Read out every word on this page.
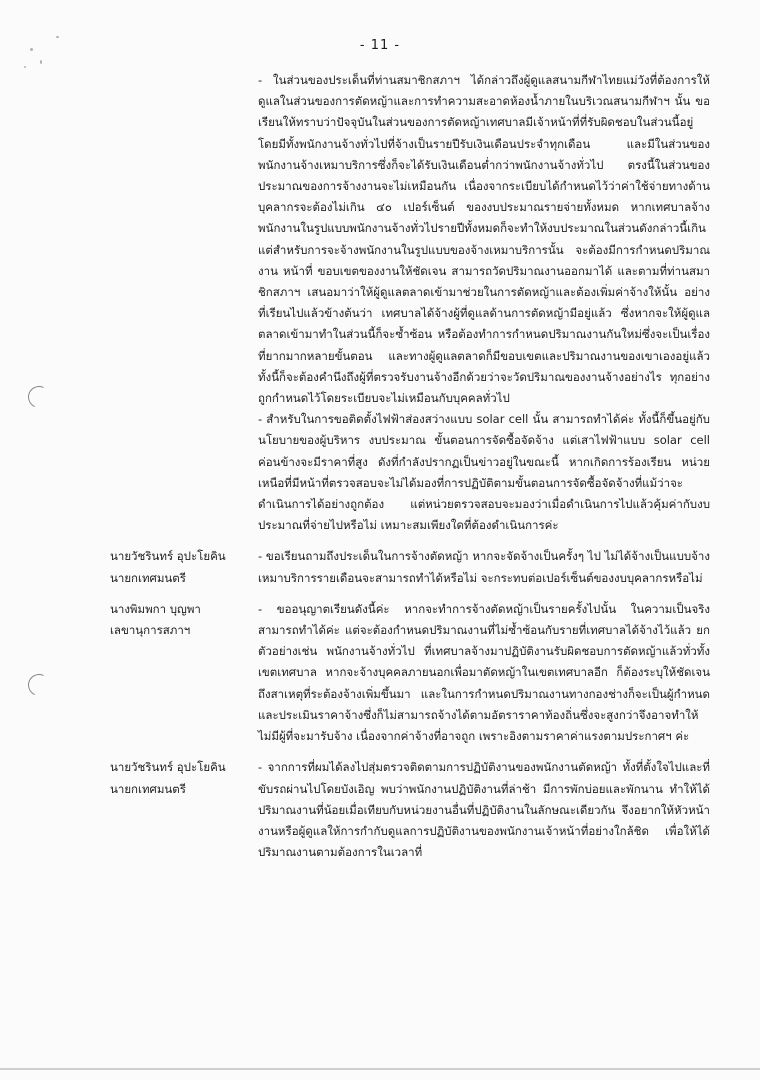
- 11 -

- ในส่วนของประเด็นที่ท่านสมาชิกสภาฯ ได้กล่าวถึงผู้ดูแลสนามกีฬาไทยแม่วังที่ต้องการให้ดูแลในส่วนของการตัดหญ้าและการทำความสะอาดห้องน้ำภายในบริเวณสนามกีฬาฯ นั้น ขอเรียนให้ทราบว่าปัจจุบันในส่วนของการตัดหญ้าเทศบาลมีเจ้าหน้าที่ที่รับผิดชอบในส่วนนี้อยู่ โดยมีทั้งพนักงานจ้างทั่วไปที่จ้างเป็นรายปีรับเงินเดือนประจำทุกเดือน และมีในส่วนของพนักงานจ้างเหมาบริการซึ่งก็จะได้รับเงินเดือนต่ำกว่าพนักงานจ้างทั่วไป ตรงนี้ในส่วนของประมาณของการจ้างงานจะไม่เหมือนกัน เนื่องจากระเบียบได้กำหนดไว้ว่าค่าใช้จ่ายทางด้านบุคลากรจะต้องไม่เกิน ๔๐ เปอร์เซ็นต์ ของงบประมาณรายจ่ายทั้งหมด หากเทศบาลจ้างพนักงานในรูปแบบพนักงานจ้างทั่วไปรายปีทั้งหมดก็จะทำให้งบประมาณในส่วนดังกล่าวนี้เกิน แต่สำหรับการจะจ้างพนักงานในรูปแบบของจ้างเหมาบริการนั้น จะต้องมีการกำหนดปริมาณงาน หน้าที่ ขอบเขตของงานให้ชัดเจน สามารถวัดปริมาณงานออกมาได้ และตามที่ท่านสมาชิกสภาฯ เสนอมาว่าให้ผู้ดูแลตลาดเข้ามาช่วยในการตัดหญ้าและต้องเพิ่มค่าจ้างให้นั้น อย่างที่เรียนไปแล้วข้างต้นว่า เทศบาลได้จ้างผู้ที่ดูแลด้านการตัดหญ้ามีอยู่แล้ว ซึ่งหากจะให้ผู้ดูแลตลาดเข้ามาทำในส่วนนี้ก็จะซ้ำซ้อน หรือต้องทำการกำหนดปริมาณงานกันใหม่ซึ่งจะเป็นเรื่องที่ยากมากหลายขั้นตอน และทางผู้ดูแลตลาดก็มีขอบเขตและปริมาณงานของเขาเองอยู่แล้ว ทั้งนี้ก็จะต้องคำนึงถึงผู้ที่ตรวจรับงานจ้างอีกด้วยว่าจะวัดปริมาณของงานจ้างอย่างไร ทุกอย่างถูกกำหนดไว้โดยระเบียบจะไม่เหมือนกับบุคคลทั่วไป

- สำหรับในการขอติดตั้งไฟฟ้าส่องสว่างแบบ solar cell นั้น สามารถทำได้ค่ะ ทั้งนี้ก็ขึ้นอยู่กับ นโยบายของผู้บริหาร งบประมาณ ขั้นตอนการจัดซื้อจัดจ้าง แต่เสาไฟฟ้าแบบ solar cell ค่อนข้างจะมีราคาที่สูง ดังที่กำลังปรากฏเป็นข่าวอยู่ในขณะนี้ หากเกิดการร้องเรียน หน่วยเหนือที่มีหน้าที่ตรวจสอบจะไม่ได้มองที่การปฏิบัติตามขั้นตอนการจัดซื้อจัดจ้างที่แม้ว่าจะดำเนินการได้อย่างถูกต้อง แต่หน่วยตรวจสอบจะมองว่าเมื่อดำเนินการไปแล้วคุ้มค่ากับงบประมาณที่จ่ายไปหรือไม่ เหมาะสมเพียงใดที่ต้องดำเนินการค่ะ

นายวัชรินทร์ อุปะโยคิน
นายกเทศมนตรี

- ขอเรียนถามถึงประเด็นในการจ้างตัดหญ้า หากจะจัดจ้างเป็นครั้งๆ ไป ไม่ได้จ้างเป็นแบบจ้างเหมาบริการรายเดือนจะสามารถทำได้หรือไม่ จะกระทบต่อเปอร์เซ็นต์ของงบบุคลากรหรือไม่

นางพิมพกา บุญพา
เลขานุการสภาฯ

- ขออนุญาตเรียนดังนี้ค่ะ หากจะทำการจ้างตัดหญ้าเป็นรายครั้งไปนั้น ในความเป็นจริงสามารถทำได้ค่ะ แต่จะต้องกำหนดปริมาณงานที่ไม่ซ้ำซ้อนกับรายที่เทศบาลได้จ้างไว้แล้ว ยกตัวอย่างเช่น พนักงานจ้างทั่วไป ที่เทศบาลจ้างมาปฏิบัติงานรับผิดชอบการตัดหญ้าแล้วทั่วทั้งเขตเทศบาล หากจะจ้างบุคคลภายนอกเพื่อมาตัดหญ้าในเขตเทศบาลอีก ก็ต้องระบุให้ชัดเจนถึงสาเหตุที่ระต้องจ้างเพิ่มขึ้นมา และในการกำหนดปริมาณงานทางกองช่างก็จะเป็นผู้กำหนดและประเมินราคาจ้างซึ่งก็ไม่สามารถจ้างได้ตามอัตราราคาท้องถิ่นซึ่งจะสูงกว่าจึงอาจทำให้ไม่มีผู้ที่จะมารับจ้าง เนื่องจากค่าจ้างที่อาจถูก เพราะอิงตามราคาค่าแรงตามประกาศฯ ค่ะ

นายวัชรินทร์ อุปะโยคิน
นายกเทศมนตรี

- จากการที่ผมได้ลงไปสุ่มตรวจติดตามการปฏิบัติงานของพนักงานตัดหญ้า ทั้งที่ตั้งใจไปและที่ขับรถผ่านไปโดยบังเอิญ พบว่าพนักงานปฏิบัติงานที่ล่าช้า มีการพักบ่อยและพักนาน ทำให้ได้ปริมาณงานที่น้อยเมื่อเทียบกับหน่วยงานอื่นที่ปฏิบัติงานในลักษณะเดียวกัน จึงอยากให้หัวหน้างานหรือผู้ดูแลให้การกำกับดูแลการปฏิบัติงานของพนักงานเจ้าหน้าที่อย่างใกล้ชิด เพื่อให้ได้ปริมาณงานตามต้องการในเวลาที่
